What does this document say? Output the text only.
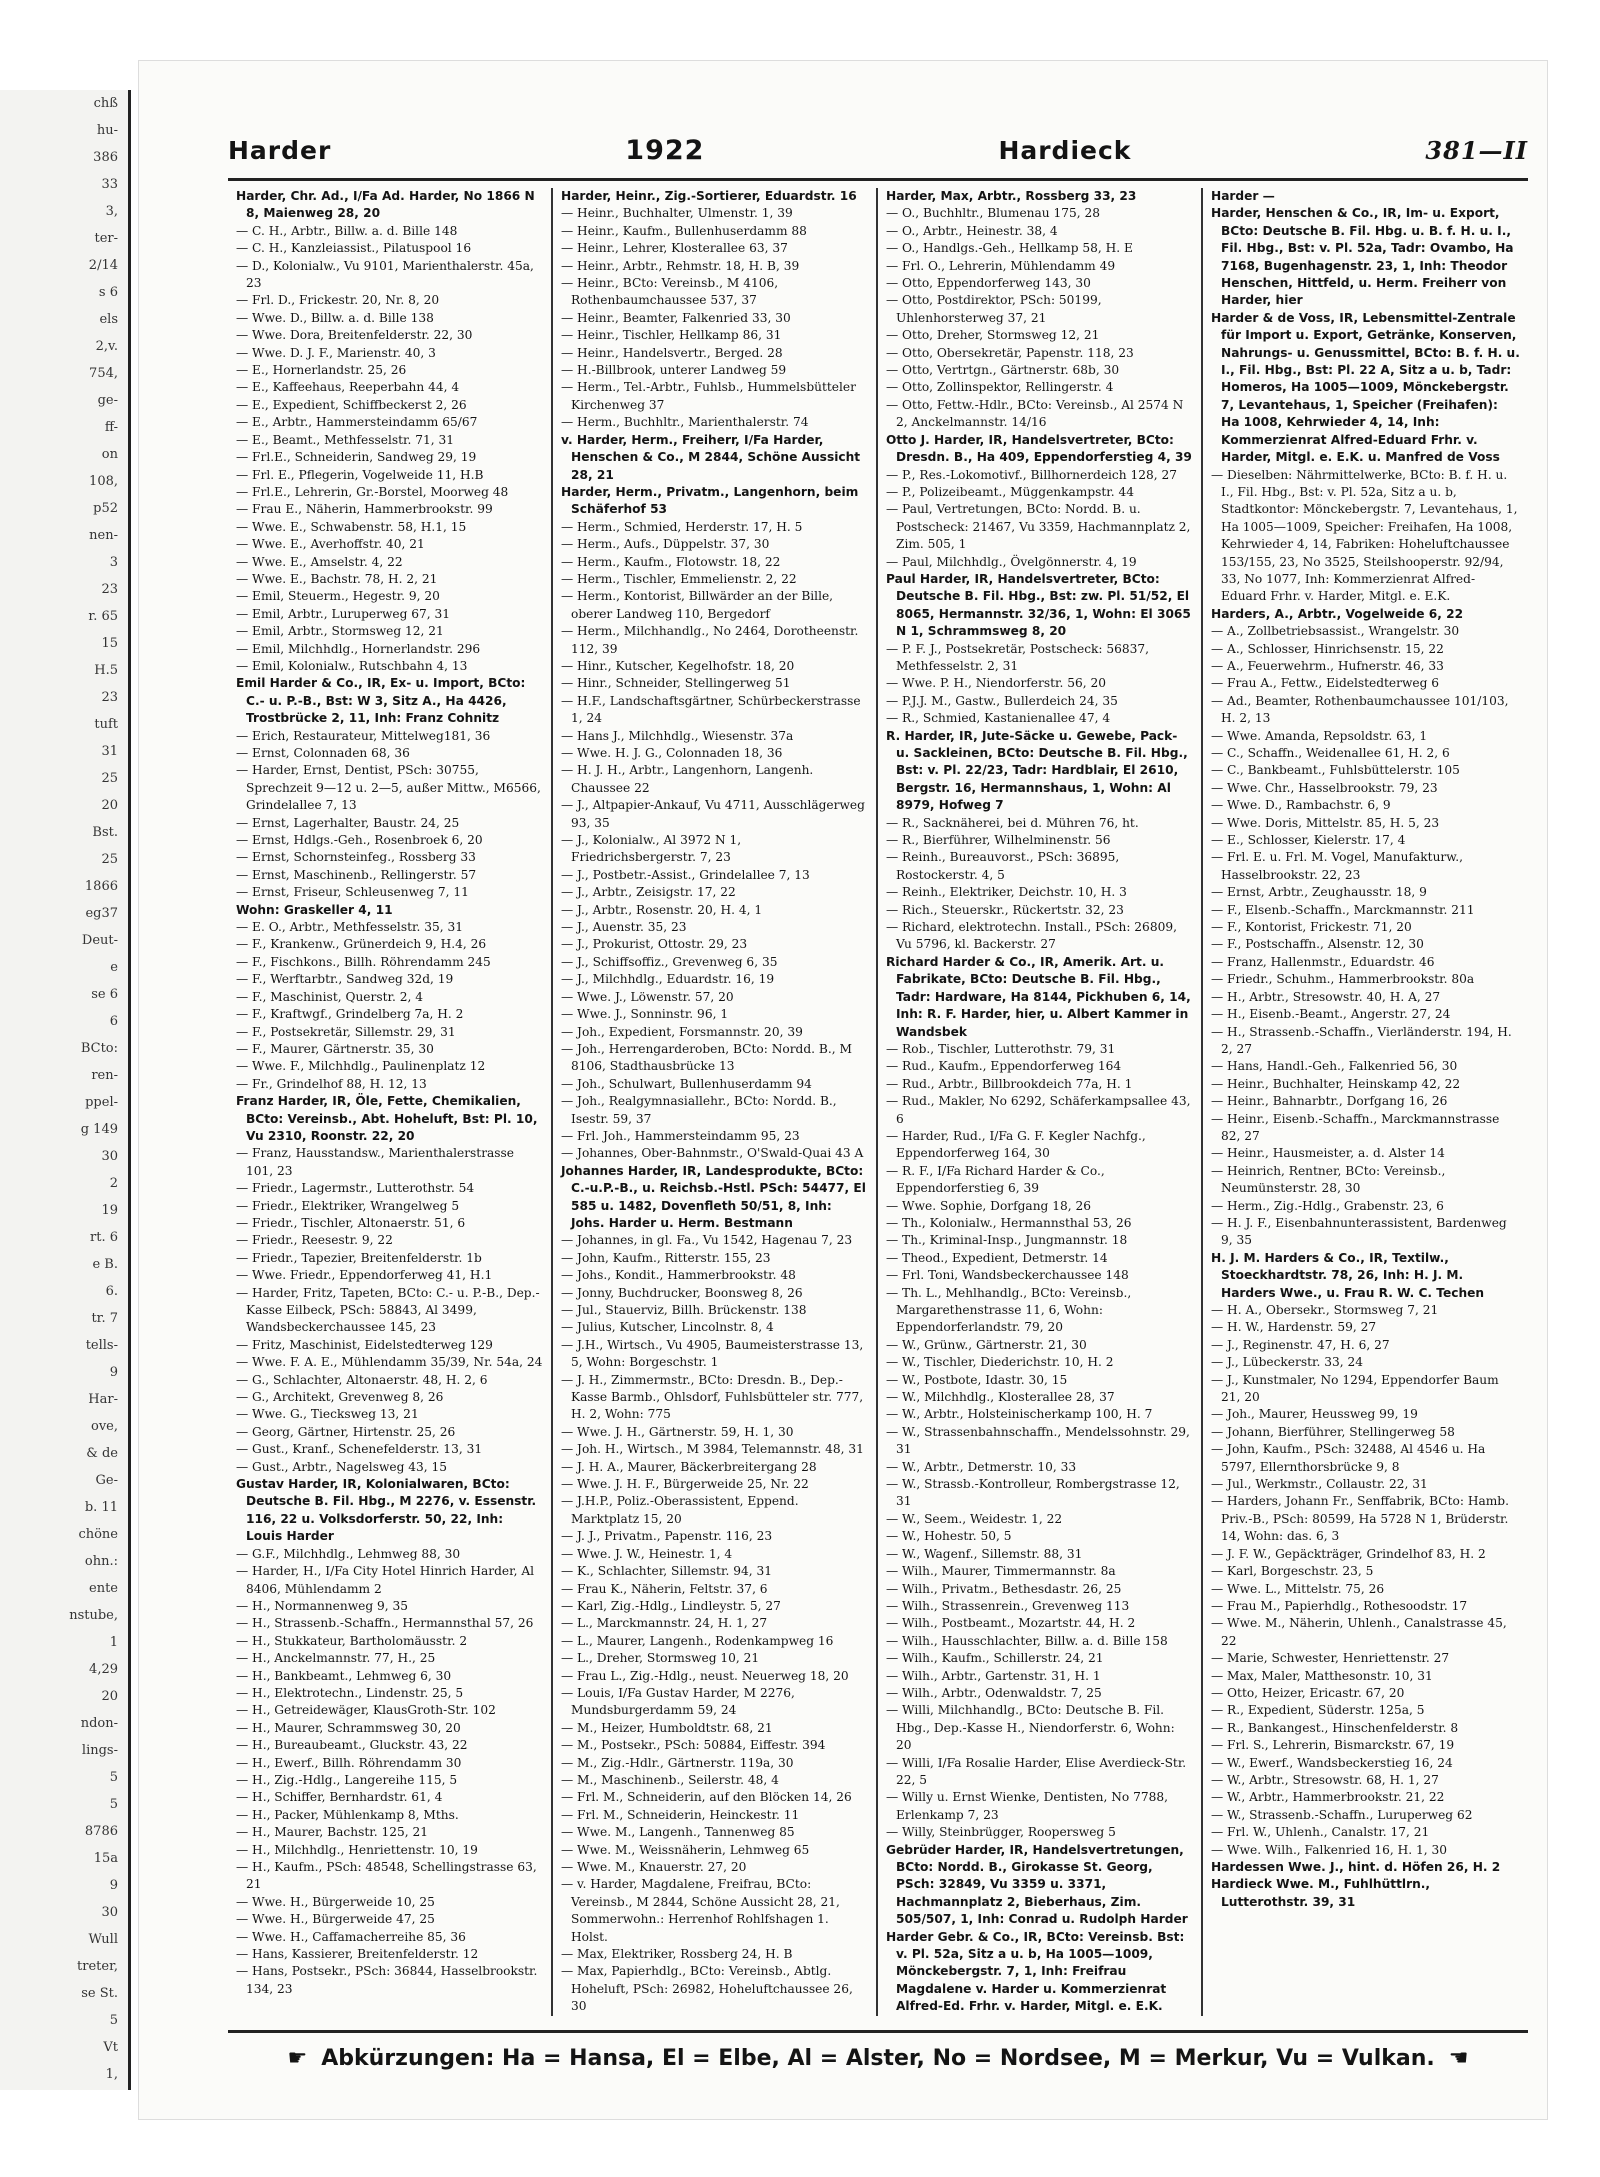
chß
hu-
386
33
3,
ter-
2/14
s 6
els
2,v.
754,
ge-
ff-
on
108,
p52
nen-
3
23
r. 65
15
H.5
23
tuft
31
25
20
Bst.
25
1866
eg37
Deut-
e
se 6
6
BCto:
ren-
ppel-
g 149
30
2
19
rt. 6
e B.
6.
tr. 7
tells-
9
Har-
ove,
& de
Ge-
b. 11
chöne
ohn.:
ente
nstube,
1
4,29
20
ndon-
lings-
5
5
8786
15a
9
30
Wull
treter,
se St.
5
Vt
1,
Harder	1922	Hardieck	381—II

Harder, Chr. Ad., I/Fa Ad. Harder, No 1866 N 8, Maienweg 28, 20

— C. H., Arbtr., Billw. a. d. Bille 148

— C. H., Kanzleiassist., Pilatuspool 16

— D., Kolonialw., Vu 9101, Marienthalerstr. 45a, 23

— Frl. D., Frickestr. 20, Nr. 8, 20

— Wwe. D., Billw. a. d. Bille 138

— Wwe. Dora, Breitenfelderstr. 22, 30

— Wwe. D. J. F., Marienstr. 40, 3

— E., Hornerlandstr. 25, 26

— E., Kaffeehaus, Reeperbahn 44, 4

— E., Expedient, Schiffbeckerst 2, 26

— E., Arbtr., Hammersteindamm 65/67

— E., Beamt., Methfesselstr. 71, 31

— Frl.E., Schneiderin, Sandweg 29, 19

— Frl. E., Pflegerin, Vogelweide 11, H.B

— Frl.E., Lehrerin, Gr.-Borstel, Moorweg 48

— Frau E., Näherin, Hammerbrookstr. 99

— Wwe. E., Schwabenstr. 58, H.1, 15

— Wwe. E., Averhoffstr. 40, 21

— Wwe. E., Amselstr. 4, 22

— Wwe. E., Bachstr. 78, H. 2, 21

— Emil, Steuerm., Hegestr. 9, 20

— Emil, Arbtr., Luruperweg 67, 31

— Emil, Arbtr., Stormsweg 12, 21

— Emil, Milchhdlg., Hornerlandstr. 296

— Emil, Kolonialw., Rutschbahn 4, 13

Emil Harder & Co., IR, Ex- u. Import, BCto: C.- u. P.-B., Bst: W 3, Sitz A., Ha 4426, Trostbrücke 2, 11, Inh: Franz Cohnitz

— Erich, Restaurateur, Mittelweg181, 36

— Ernst, Colonnaden 68, 36

— Harder, Ernst, Dentist, PSch: 30755, Sprechzeit 9—12 u. 2—5, außer Mittw., M6566, Grindelallee 7, 13

— Ernst, Lagerhalter, Baustr. 24, 25

— Ernst, Hdlgs.-Geh., Rosenbroek 6, 20

— Ernst, Schornsteinfeg., Rossberg 33

— Ernst, Maschinenb., Rellingerstr. 57

— Ernst, Friseur, Schleusenweg 7, 11

Wohn: Graskeller 4, 11

— E. O., Arbtr., Methfesselstr. 35, 31

— F., Krankenw., Grünerdeich 9, H.4, 26

— F., Fischkons., Billh. Röhrendamm 245

— F., Werftarbtr., Sandweg 32d, 19

— F., Maschinist, Querstr. 2, 4

— F., Kraftwgf., Grindelberg 7a, H. 2

— F., Postsekretär, Sillemstr. 29, 31

— F., Maurer, Gärtnerstr. 35, 30

— Wwe. F., Milchhdlg., Paulinenplatz 12

— Fr., Grindelhof 88, H. 12, 13

Franz Harder, IR, Öle, Fette, Chemikalien, BCto: Vereinsb., Abt. Hoheluft, Bst: Pl. 10, Vu 2310, Roonstr. 22, 20

— Franz, Hausstandsw., Marienthalerstrasse 101, 23

— Friedr., Lagermstr., Lutterothstr. 54

— Friedr., Elektriker, Wrangelweg 5

— Friedr., Tischler, Altonaerstr. 51, 6

— Friedr., Reesestr. 9, 22

— Friedr., Tapezier, Breitenfelderstr. 1b

— Wwe. Friedr., Eppendorferweg 41, H.1

— Harder, Fritz, Tapeten, BCto: C.- u. P.-B., Dep.-Kasse Eilbeck, PSch: 58843, Al 3499, Wandsbeckerchaussee 145, 23

— Fritz, Maschinist, Eidelstedterweg 129

— Wwe. F. A. E., Mühlendamm 35/39, Nr. 54a, 24

— G., Schlachter, Altonaerstr. 48, H. 2, 6

— G., Architekt, Grevenweg 8, 26

— Wwe. G., Tiecksweg 13, 21

— Georg, Gärtner, Hirtenstr. 25, 26

— Gust., Kranf., Schenefelderstr. 13, 31

— Gust., Arbtr., Nagelsweg 43, 15

Gustav Harder, IR, Kolonialwaren, BCto: Deutsche B. Fil. Hbg., M 2276, v. Essenstr. 116, 22 u. Volksdorferstr. 50, 22, Inh: Louis Harder

— G.F., Milchhdlg., Lehmweg 88, 30

— Harder, H., I/Fa City Hotel Hinrich Harder, Al 8406, Mühlendamm 2

— H., Normannenweg 9, 35

— H., Strassenb.-Schaffn., Hermannsthal 57, 26

— H., Stukkateur, Bartholomäusstr. 2

— H., Anckelmannstr. 77, H., 25

— H., Bankbeamt., Lehmweg 6, 30

— H., Elektrotechn., Lindenstr. 25, 5

— H., Getreidewäger, KlausGroth-Str. 102

— H., Maurer, Schrammsweg 30, 20

— H., Bureaubeamt., Gluckstr. 43, 22

— H., Ewerf., Billh. Röhrendamm 30

— H., Zig.-Hdlg., Langereihe 115, 5

— H., Schiffer, Bernhardstr. 61, 4

— H., Packer, Mühlenkamp 8, Mths.

— H., Maurer, Bachstr. 125, 21

— H., Milchhdlg., Henriettenstr. 10, 19

— H., Kaufm., PSch: 48548, Schellingstrasse 63, 21

— Wwe. H., Bürgerweide 10, 25

— Wwe. H., Bürgerweide 47, 25

— Wwe. H., Caffamacherreihe 85, 36

— Hans, Kassierer, Breitenfelderstr. 12

— Hans, Postsekr., PSch: 36844, Hasselbrookstr. 134, 23

Harder, Heinr., Zig.-Sortierer, Eduardstr. 16

— Heinr., Buchhalter, Ulmenstr. 1, 39

— Heinr., Kaufm., Bullenhuserdamm 88

— Heinr., Lehrer, Klosterallee 63, 37

— Heinr., Arbtr., Rehmstr. 18, H. B, 39

— Heinr., BCto: Vereinsb., M 4106, Rothenbaumchaussee 537, 37

— Heinr., Beamter, Falkenried 33, 30

— Heinr., Tischler, Hellkamp 86, 31

— Heinr., Handelsvertr., Berged. 28

— H.-Billbrook, unterer Landweg 59

— Herm., Tel.-Arbtr., Fuhlsb., Hummelsbütteler Kirchenweg 37

— Herm., Buchhltr., Marienthalerstr. 74

v. Harder, Herm., Freiherr, I/Fa Harder, Henschen & Co., M 2844, Schöne Aussicht 28, 21

Harder, Herm., Privatm., Langenhorn, beim Schäferhof 53

— Herm., Schmied, Herderstr. 17, H. 5

— Herm., Aufs., Düppelstr. 37, 30

— Herm., Kaufm., Flotowstr. 18, 22

— Herm., Tischler, Emmelienstr. 2, 22

— Herm., Kontorist, Billwärder an der Bille, oberer Landweg 110, Bergedorf

— Herm., Milchhandlg., No 2464, Dorotheenstr. 112, 39

— Hinr., Kutscher, Kegelhofstr. 18, 20

— Hinr., Schneider, Stellingerweg 51

— H.F., Landschaftsgärtner, Schürbeckerstrasse 1, 24

— Hans J., Milchhdlg., Wiesenstr. 37a

— Wwe. H. J. G., Colonnaden 18, 36

— H. J. H., Arbtr., Langenhorn, Langenh. Chaussee 22

— J., Altpapier-Ankauf, Vu 4711, Ausschlägerweg 93, 35

— J., Kolonialw., Al 3972 N 1, Friedrichsbergerstr. 7, 23

— J., Postbetr.-Assist., Grindelallee 7, 13

— J., Arbtr., Zeisigstr. 17, 22

— J., Arbtr., Rosenstr. 20, H. 4, 1

— J., Auenstr. 35, 23

— J., Prokurist, Ottostr. 29, 23

— J., Schiffsoffiz., Grevenweg 6, 35

— J., Milchhdlg., Eduardstr. 16, 19

— Wwe. J., Löwenstr. 57, 20

— Wwe. J., Sonninstr. 96, 1

— Joh., Expedient, Forsmannstr. 20, 39

— Joh., Herrengarderoben, BCto: Nordd. B., M 8106, Stadthausbrücke 13

— Joh., Schulwart, Bullenhuserdamm 94

— Joh., Realgymnasiallehr., BCto: Nordd. B., Isestr. 59, 37

— Frl. Joh., Hammersteindamm 95, 23

— Johannes, Ober-Bahnmstr., O'Swald-Quai 43 A

Johannes Harder, IR, Landesprodukte, BCto: C.-u.P.-B., u. Reichsb.-Hstl. PSch: 54477, El 585 u. 1482, Dovenfleth 50/51, 8, Inh: Johs. Harder u. Herm. Bestmann

— Johannes, in gl. Fa., Vu 1542, Hagenau 7, 23

— John, Kaufm., Ritterstr. 155, 23

— Johs., Kondit., Hammerbrookstr. 48

— Jonny, Buchdrucker, Boonsweg 8, 26

— Jul., Stauerviz, Billh. Brückenstr. 138

— Julius, Kutscher, Lincolnstr. 8, 4

— J.H., Wirtsch., Vu 4905, Baumeisterstrasse 13, 5, Wohn: Borgeschstr. 1

— J. H., Zimmermstr., BCto: Dresdn. B., Dep.-Kasse Barmb., Ohlsdorf, Fuhlsbütteler str. 777, H. 2, Wohn: 775

— Wwe. J. H., Gärtnerstr. 59, H. 1, 30

— Joh. H., Wirtsch., M 3984, Telemannstr. 48, 31

— J. H. A., Maurer, Bäckerbreitergang 28

— Wwe. J. H. F., Bürgerweide 25, Nr. 22

— J.H.P., Poliz.-Oberassistent, Eppend. Marktplatz 15, 20

— J. J., Privatm., Papenstr. 116, 23

— Wwe. J. W., Heinestr. 1, 4

— K., Schlachter, Sillemstr. 94, 31

— Frau K., Näherin, Feltstr. 37, 6

— Karl, Zig.-Hdlg., Lindleystr. 5, 27

— L., Marckmannstr. 24, H. 1, 27

— L., Maurer, Langenh., Rodenkampweg 16

— L., Dreher, Stormsweg 10, 21

— Frau L., Zig.-Hdlg., neust. Neuerweg 18, 20

— Louis, I/Fa Gustav Harder, M 2276, Mundsburgerdamm 59, 24

— M., Heizer, Humboldtstr. 68, 21

— M., Postsekr., PSch: 50884, Eiffestr. 394

— M., Zig.-Hdlr., Gärtnerstr. 119a, 30

— M., Maschinenb., Seilerstr. 48, 4

— Frl. M., Schneiderin, auf den Blöcken 14, 26

— Frl. M., Schneiderin, Heinckestr. 11

— Wwe. M., Langenh., Tannenweg 85

— Wwe. M., Weissnäherin, Lehmweg 65

— Wwe. M., Knauerstr. 27, 20

— v. Harder, Magdalene, Freifrau, BCto: Vereinsb., M 2844, Schöne Aussicht 28, 21, Sommerwohn.: Herrenhof Rohlfshagen 1. Holst.

— Max, Elektriker, Rossberg 24, H. B

— Max, Papierhdlg., BCto: Vereinsb., Abtlg. Hoheluft, PSch: 26982, Hoheluftchaussee 26, 30

Harder, Max, Arbtr., Rossberg 33, 23

— O., Buchhltr., Blumenau 175, 28

— O., Arbtr., Heinestr. 38, 4

— O., Handlgs.-Geh., Hellkamp 58, H. E

— Frl. O., Lehrerin, Mühlendamm 49

— Otto, Eppendorferweg 143, 30

— Otto, Postdirektor, PSch: 50199, Uhlenhorsterweg 37, 21

— Otto, Dreher, Stormsweg 12, 21

— Otto, Obersekretär, Papenstr. 118, 23

— Otto, Vertrtgn., Gärtnerstr. 68b, 30

— Otto, Zollinspektor, Rellingerstr. 4

— Otto, Fettw.-Hdlr., BCto: Vereinsb., Al 2574 N 2, Anckelmannstr. 14/16

Otto J. Harder, IR, Handelsvertreter, BCto: Dresdn. B., Ha 409, Eppendorferstieg 4, 39

— P., Res.-Lokomotivf., Billhornerdeich 128, 27

— P., Polizeibeamt., Müggenkampstr. 44

— Paul, Vertretungen, BCto: Nordd. B. u. Postscheck: 21467, Vu 3359, Hachmannplatz 2, Zim. 505, 1

— Paul, Milchhdlg., Övelgönnerstr. 4, 19

Paul Harder, IR, Handelsvertreter, BCto: Deutsche B. Fil. Hbg., Bst: zw. Pl. 51/52, El 8065, Hermannstr. 32/36, 1, Wohn: El 3065 N 1, Schrammsweg 8, 20

— P. F. J., Postsekretär, Postscheck: 56837, Methfesselstr. 2, 31

— Wwe. P. H., Niendorferstr. 56, 20

— P.J.J. M., Gastw., Bullerdeich 24, 35

— R., Schmied, Kastanienallee 47, 4

R. Harder, IR, Jute-Säcke u. Gewebe, Pack- u. Sackleinen, BCto: Deutsche B. Fil. Hbg., Bst: v. Pl. 22/23, Tadr: Hardblair, El 2610, Bergstr. 16, Hermannshaus, 1, Wohn: Al 8979, Hofweg 7

— R., Sacknäherei, bei d. Mühren 76, ht.

— R., Bierführer, Wilhelminenstr. 56

— Reinh., Bureauvorst., PSch: 36895, Rostockerstr. 4, 5

— Reinh., Elektriker, Deichstr. 10, H. 3

— Rich., Steuerskr., Rückertstr. 32, 23

— Richard, elektrotechn. Install., PSch: 26809, Vu 5796, kl. Backerstr. 27

Richard Harder & Co., IR, Amerik. Art. u. Fabrikate, BCto: Deutsche B. Fil. Hbg., Tadr: Hardware, Ha 8144, Pickhuben 6, 14, Inh: R. F. Harder, hier, u. Albert Kammer in Wandsbek

— Rob., Tischler, Lutterothstr. 79, 31

— Rud., Kaufm., Eppendorferweg 164

— Rud., Arbtr., Billbrookdeich 77a, H. 1

— Rud., Makler, No 6292, Schäferkampsallee 43, 6

— Harder, Rud., I/Fa G. F. Kegler Nachfg., Eppendorferweg 164, 30

— R. F., I/Fa Richard Harder & Co., Eppendorferstieg 6, 39

— Wwe. Sophie, Dorfgang 18, 26

— Th., Kolonialw., Hermannsthal 53, 26

— Th., Kriminal-Insp., Jungmannstr. 18

— Theod., Expedient, Detmerstr. 14

— Frl. Toni, Wandsbeckerchaussee 148

— Th. L., Mehlhandlg., BCto: Vereinsb., Margarethenstrasse 11, 6, Wohn: Eppendorferlandstr. 79, 20

— W., Grünw., Gärtnerstr. 21, 30

— W., Tischler, Diederichstr. 10, H. 2

— W., Postbote, Idastr. 30, 15

— W., Milchhdlg., Klosterallee 28, 37

— W., Arbtr., Holsteinischerkamp 100, H. 7

— W., Strassenbahnschaffn., Mendelssohnstr. 29, 31

— W., Arbtr., Detmerstr. 10, 33

— W., Strassb.-Kontrolleur, Rombergstrasse 12, 31

— W., Seem., Weidestr. 1, 22

— W., Hohestr. 50, 5

— W., Wagenf., Sillemstr. 88, 31

— Wilh., Maurer, Timmermannstr. 8a

— Wilh., Privatm., Bethesdastr. 26, 25

— Wilh., Strassenrein., Grevenweg 113

— Wilh., Postbeamt., Mozartstr. 44, H. 2

— Wilh., Hausschlachter, Billw. a. d. Bille 158

— Wilh., Kaufm., Schillerstr. 24, 21

— Wilh., Arbtr., Gartenstr. 31, H. 1

— Wilh., Arbtr., Odenwaldstr. 7, 25

— Willi, Milchhandlg., BCto: Deutsche B. Fil. Hbg., Dep.-Kasse H., Niendorferstr. 6, Wohn: 20

— Willi, I/Fa Rosalie Harder, Elise Averdieck-Str. 22, 5

— Willy u. Ernst Wienke, Dentisten, No 7788, Erlenkamp 7, 23

— Willy, Steinbrügger, Roopersweg 5

Gebrüder Harder, IR, Handelsvertretungen, BCto: Nordd. B., Girokasse St. Georg, PSch: 32849, Vu 3359 u. 3371, Hachmannplatz 2, Bieberhaus, Zim. 505/507, 1, Inh: Conrad u. Rudolph Harder

Harder Gebr. & Co., IR, BCto: Vereinsb. Bst: v. Pl. 52a, Sitz a u. b, Ha 1005—1009, Mönckebergstr. 7, 1, Inh: Freifrau Magdalene v. Harder u. Kommerzienrat Alfred-Ed. Frhr. v. Harder, Mitgl. e. E.K.

Harder —

Harder, Henschen & Co., IR, Im- u. Export, BCto: Deutsche B. Fil. Hbg. u. B. f. H. u. I., Fil. Hbg., Bst: v. Pl. 52a, Tadr: Ovambo, Ha 7168, Bugenhagenstr. 23, 1, Inh: Theodor Henschen, Hittfeld, u. Herm. Freiherr von Harder, hier

Harder & de Voss, IR, Lebensmittel-Zentrale für Import u. Export, Getränke, Konserven, Nahrungs- u. Genussmittel, BCto: B. f. H. u. I., Fil. Hbg., Bst: Pl. 22 A, Sitz a u. b, Tadr: Homeros, Ha 1005—1009, Mönckebergstr. 7, Levantehaus, 1, Speicher (Freihafen): Ha 1008, Kehrwieder 4, 14, Inh: Kommerzienrat Alfred-Eduard Frhr. v. Harder, Mitgl. e. E.K. u. Manfred de Voss

— Dieselben: Nährmittelwerke, BCto: B. f. H. u. I., Fil. Hbg., Bst: v. Pl. 52a, Sitz a u. b, Stadtkontor: Mönckebergstr. 7, Levantehaus, 1, Ha 1005—1009, Speicher: Freihafen, Ha 1008, Kehrwieder 4, 14, Fabriken: Hoheluftchaussee 153/155, 23, No 3525, Steilshooperstr. 92/94, 33, No 1077, Inh: Kommerzienrat Alfred-Eduard Frhr. v. Harder, Mitgl. e. E.K.

Harders, A., Arbtr., Vogelweide 6, 22

— A., Zollbetriebsassist., Wrangelstr. 30

— A., Schlosser, Hinrichsenstr. 15, 22

— A., Feuerwehrm., Hufnerstr. 46, 33

— Frau A., Fettw., Eidelstedterweg 6

— Ad., Beamter, Rothenbaumchaussee 101/103, H. 2, 13

— Wwe. Amanda, Repsoldstr. 63, 1

— C., Schaffn., Weidenallee 61, H. 2, 6

— C., Bankbeamt., Fuhlsbüttelerstr. 105

— Wwe. Chr., Hasselbrookstr. 79, 23

— Wwe. D., Rambachstr. 6, 9

— Wwe. Doris, Mittelstr. 85, H. 5, 23

— E., Schlosser, Kielerstr. 17, 4

— Frl. E. u. Frl. M. Vogel, Manufakturw., Hasselbrookstr. 22, 23

— Ernst, Arbtr., Zeughausstr. 18, 9

— F., Elsenb.-Schaffn., Marckmannstr. 211

— F., Kontorist, Frickestr. 71, 20

— F., Postschaffn., Alsenstr. 12, 30

— Franz, Hallenmstr., Eduardstr. 46

— Friedr., Schuhm., Hammerbrookstr. 80a

— H., Arbtr., Stresowstr. 40, H. A, 27

— H., Eisenb.-Beamt., Angerstr. 27, 24

— H., Strassenb.-Schaffn., Vierländerstr. 194, H. 2, 27

— Hans, Handl.-Geh., Falkenried 56, 30

— Heinr., Buchhalter, Heinskamp 42, 22

— Heinr., Bahnarbtr., Dorfgang 16, 26

— Heinr., Eisenb.-Schaffn., Marckmannstrasse 82, 27

— Heinr., Hausmeister, a. d. Alster 14

— Heinrich, Rentner, BCto: Vereinsb., Neumünsterstr. 28, 30

— Herm., Zig.-Hdlg., Grabenstr. 23, 6

— H. J. F., Eisenbahnunterassistent, Bardenweg 9, 35

H. J. M. Harders & Co., IR, Textilw., Stoeckhardtstr. 78, 26, Inh: H. J. M. Harders Wwe., u. Frau R. W. C. Techen

— H. A., Obersekr., Stormsweg 7, 21

— H. W., Hardenstr. 59, 27

— J., Reginenstr. 47, H. 6, 27

— J., Lübeckerstr. 33, 24

— J., Kunstmaler, No 1294, Eppendorfer Baum 21, 20

— Joh., Maurer, Heussweg 99, 19

— Johann, Bierführer, Stellingerweg 58

— John, Kaufm., PSch: 32488, Al 4546 u. Ha 5797, Ellernthorsbrücke 9, 8

— Jul., Werkmstr., Collaustr. 22, 31

— Harders, Johann Fr., Senffabrik, BCto: Hamb. Priv.-B., PSch: 80599, Ha 5728 N 1, Brüderstr. 14, Wohn: das. 6, 3

— J. F. W., Gepäckträger, Grindelhof 83, H. 2

— Karl, Borgeschstr. 23, 5

— Wwe. L., Mittelstr. 75, 26

— Frau M., Papierhdlg., Rothesoodstr. 17

— Wwe. M., Näherin, Uhlenh., Canalstrasse 45, 22

— Marie, Schwester, Henriettenstr. 27

— Max, Maler, Matthesonstr. 10, 31

— Otto, Heizer, Ericastr. 67, 20

— R., Expedient, Süderstr. 125a, 5

— R., Bankangest., Hinschenfelderstr. 8

— Frl. S., Lehrerin, Bismarckstr. 67, 19

— W., Ewerf., Wandsbeckerstieg 16, 24

— W., Arbtr., Stresowstr. 68, H. 1, 27

— W., Arbtr., Hammerbrookstr. 21, 22

— W., Strassenb.-Schaffn., Luruperweg 62

— Frl. W., Uhlenh., Canalstr. 17, 21

— Wwe. Wilh., Falkenried 16, H. 1, 30

Hardessen Wwe. J., hint. d. Höfen 26, H. 2

Hardieck Wwe. M., Fuhlhüttlrn., Lutterothstr. 39, 31

☛ Abkürzungen: Ha = Hansa, El = Elbe, Al = Alster, No = Nordsee, M = Merkur, Vu = Vulkan. ☚
